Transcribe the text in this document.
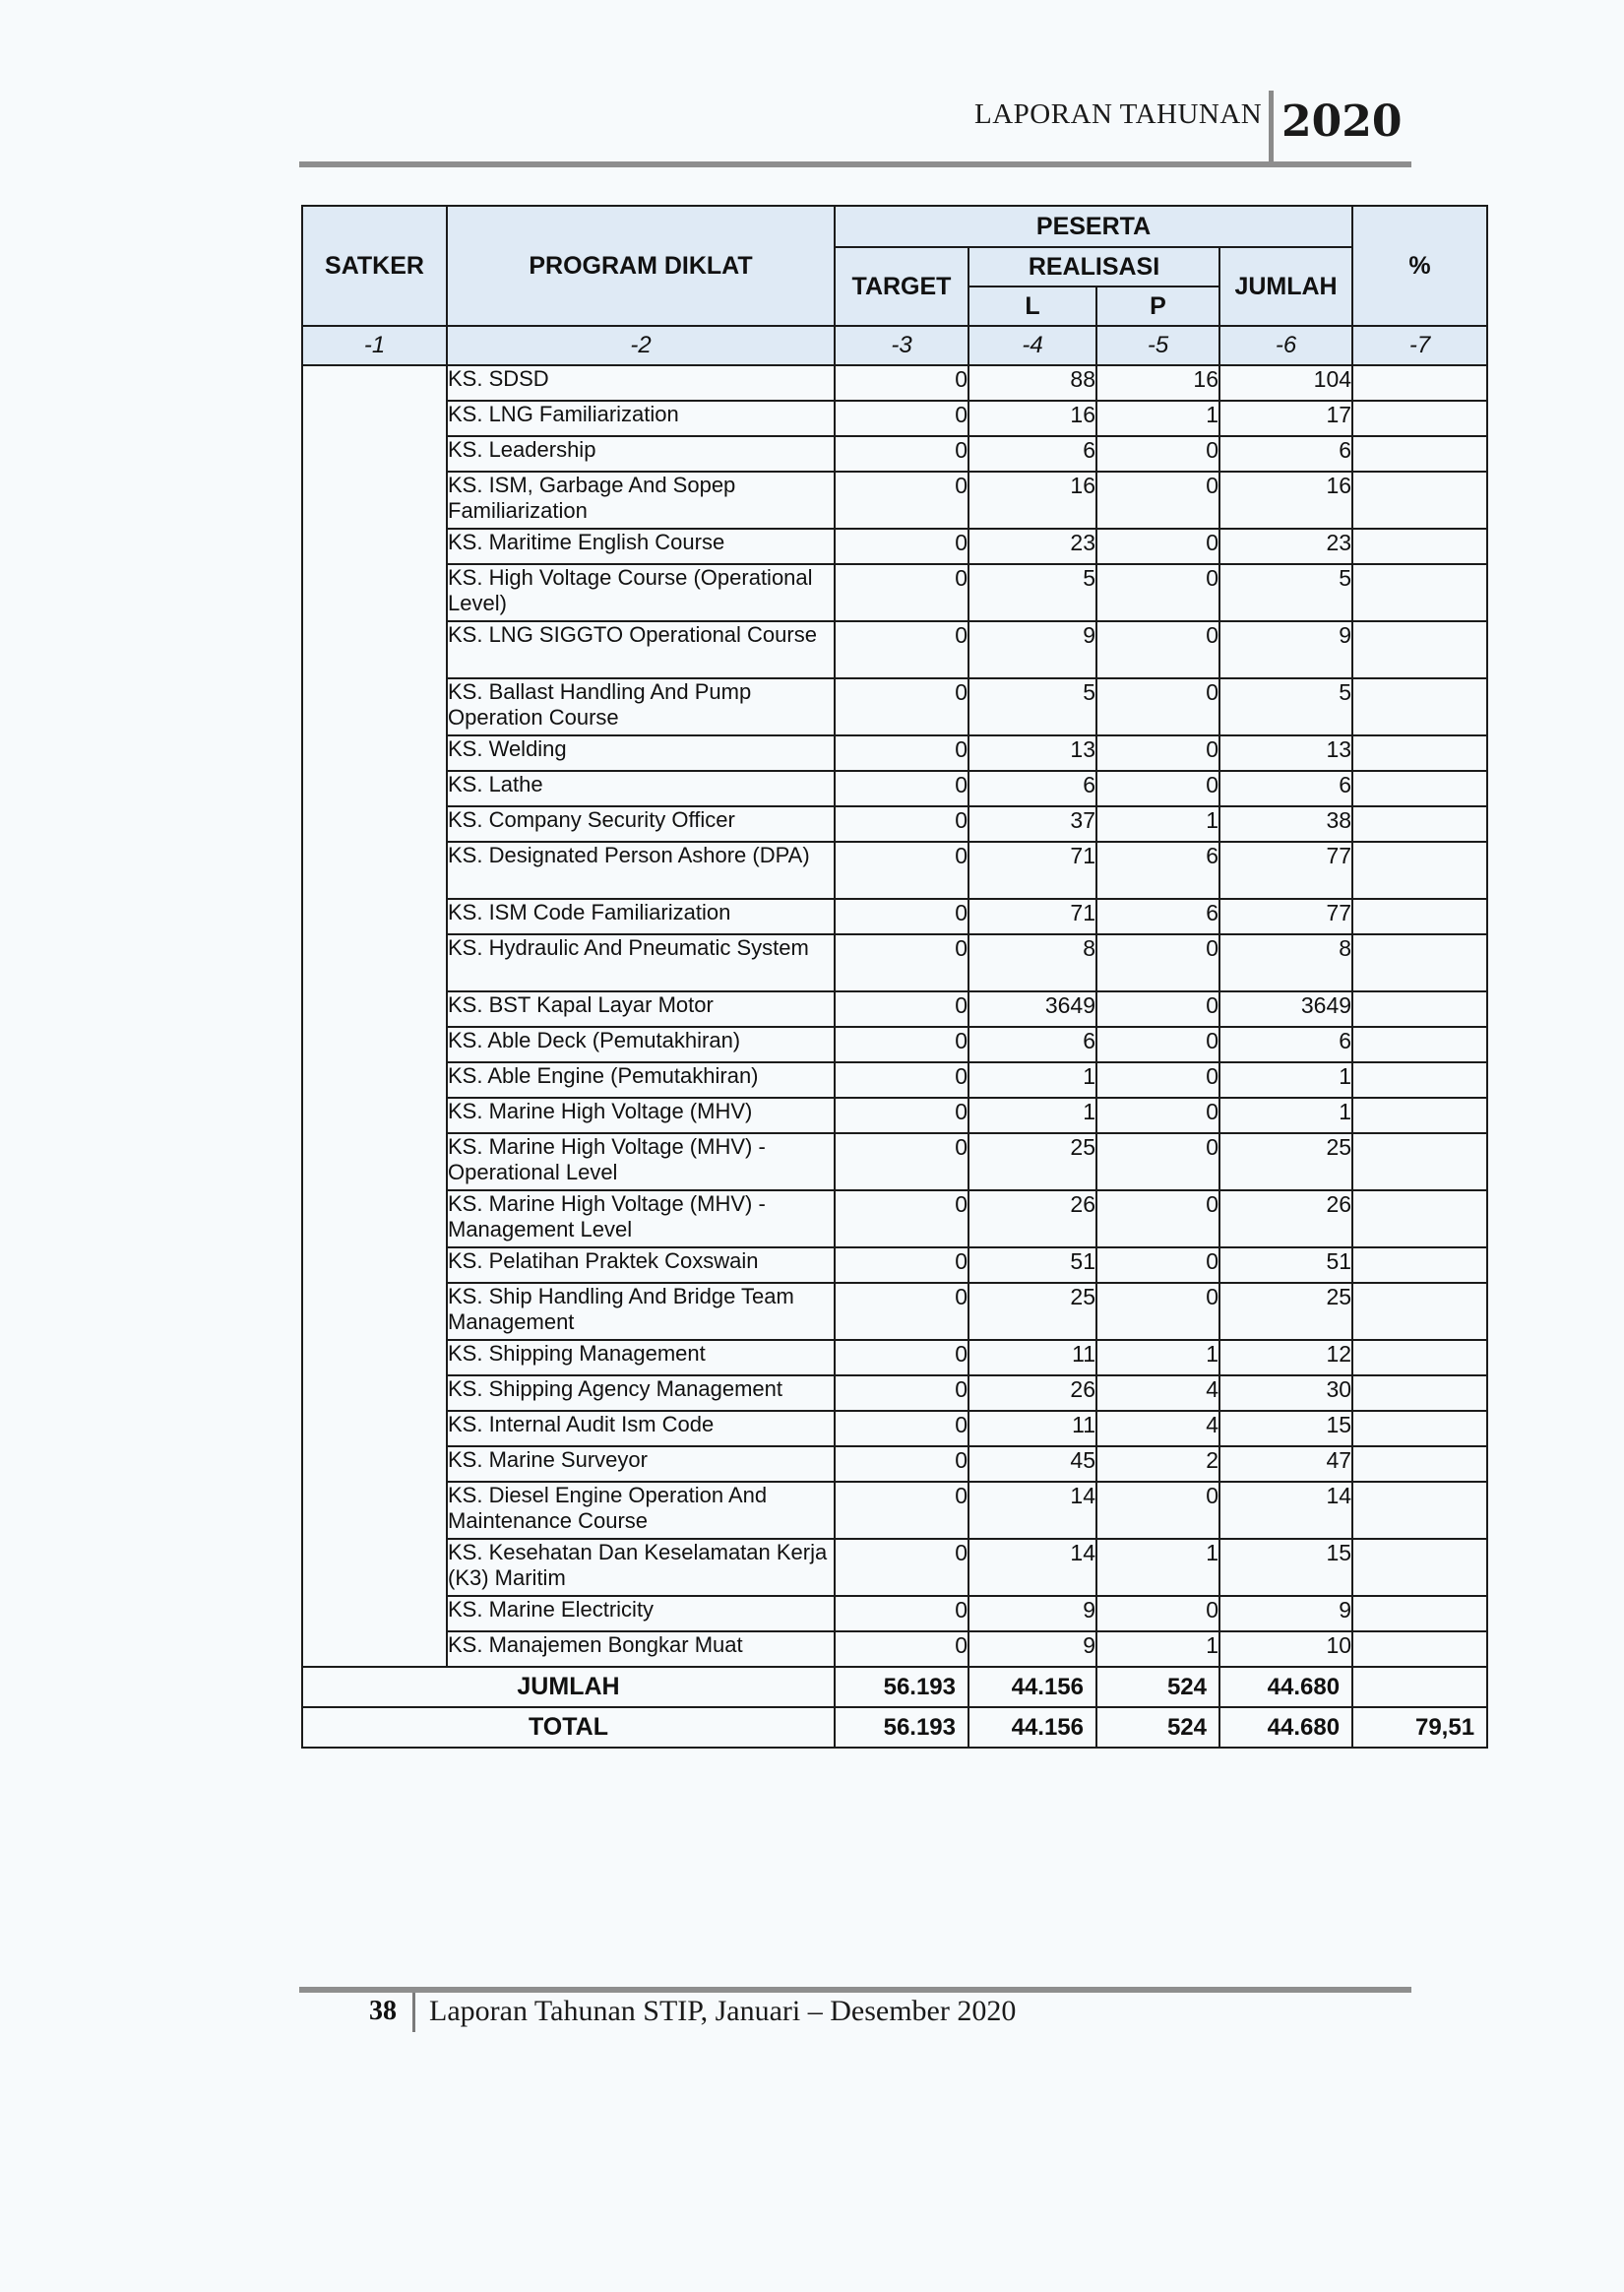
LAPORAN TAHUNAN 2020
SATKER	PROGRAM DIKLAT	PESERTA				%
		TARGET	REALISASI		JUMLAH	
			L	P		
-1	-2	-3	-4	-5	-6	-7
	KS. SDSD	0	88	16	104	
	KS. LNG Familiarization	0	16	1	17	
	KS. Leadership	0	6	0	6	
	KS. ISM, Garbage And Sopep Familiarization	0	16	0	16	
	KS. Maritime English Course	0	23	0	23	
	KS. High Voltage Course (Operational Level)	0	5	0	5	
	KS. LNG SIGGTO Operational Course	0	9	0	9	
	KS. Ballast Handling And Pump Operation Course	0	5	0	5	
	KS. Welding	0	13	0	13	
	KS. Lathe	0	6	0	6	
	KS. Company Security Officer	0	37	1	38	
	KS. Designated Person Ashore (DPA)	0	71	6	77	
	KS. ISM Code Familiarization	0	71	6	77	
	KS. Hydraulic And Pneumatic System	0	8	0	8	
	KS. BST Kapal Layar Motor	0	3649	0	3649	
	KS. Able Deck (Pemutakhiran)	0	6	0	6	
	KS. Able Engine (Pemutakhiran)	0	1	0	1	
	KS. Marine High Voltage (MHV)	0	1	0	1	
	KS. Marine High Voltage (MHV) - Operational Level	0	25	0	25	
	KS. Marine High Voltage (MHV) - Management Level	0	26	0	26	
	KS. Pelatihan Praktek Coxswain	0	51	0	51	
	KS. Ship Handling And Bridge Team Management	0	25	0	25	
	KS. Shipping Management	0	11	1	12	
	KS. Shipping Agency Management	0	26	4	30	
	KS. Internal Audit Ism Code	0	11	4	15	
	KS. Marine Surveyor	0	45	2	47	
	KS. Diesel Engine Operation And Maintenance Course	0	14	0	14	
	KS. Kesehatan Dan Keselamatan Kerja (K3) Maritim	0	14	1	15	
	KS. Marine Electricity	0	9	0	9	
	KS. Manajemen Bongkar Muat	0	9	1	10	
JUMLAH		56.193	44.156	524	44.680	
TOTAL		56.193	44.156	524	44.680	79,51
38 Laporan Tahunan STIP, Januari – Desember 2020
